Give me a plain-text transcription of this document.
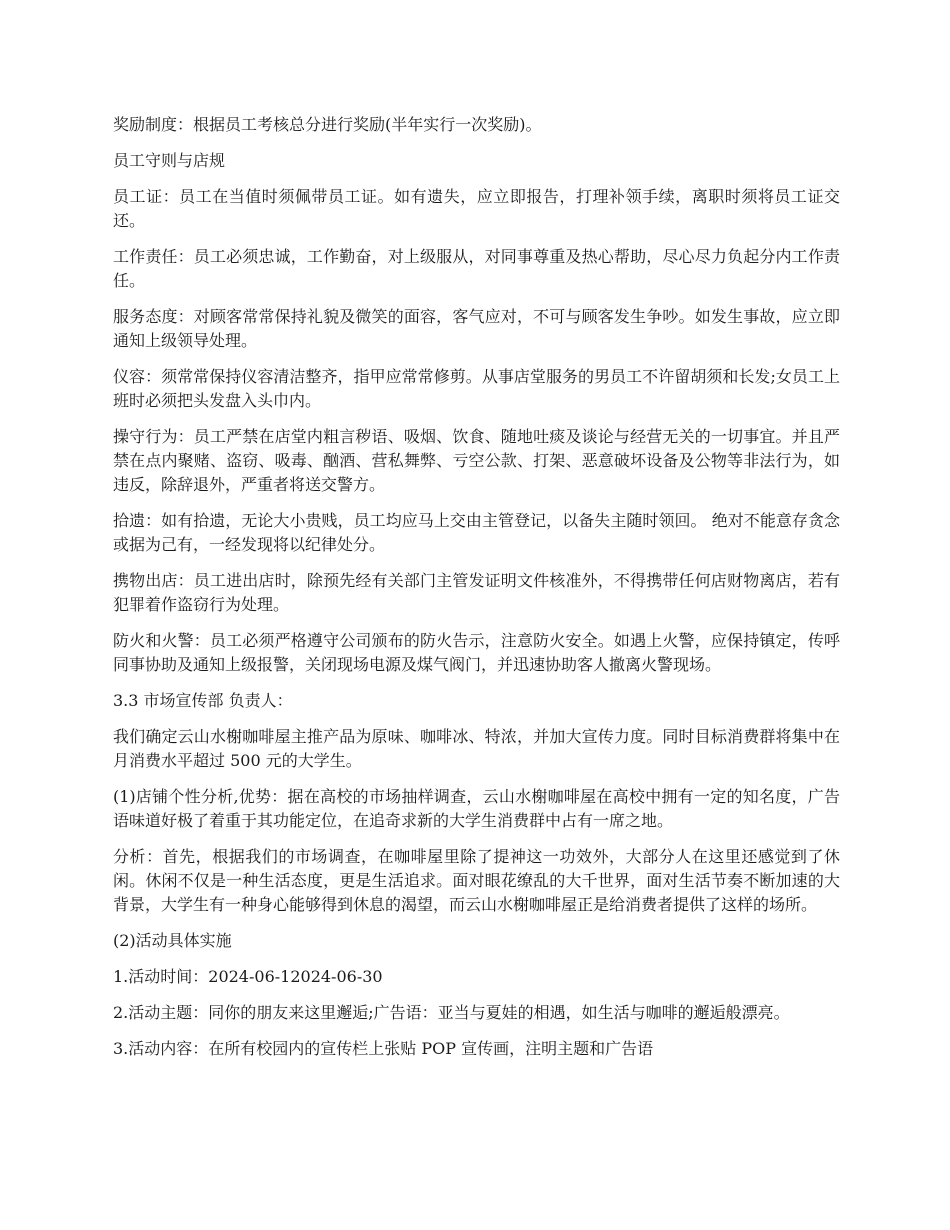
奖励制度：根据员工考核总分进行奖励(半年实行一次奖励)。

员工守则与店规

员工证：员工在当值时须佩带员工证。如有遗失，应立即报告，打理补领手续，离职时须将员工证交还。

工作责任：员工必须忠诚，工作勤奋，对上级服从，对同事尊重及热心帮助，尽心尽力负起分内工作责任。

服务态度：对顾客常常保持礼貌及微笑的面容，客气应对，不可与顾客发生争吵。如发生事故，应立即通知上级领导处理。

仪容：须常常保持仪容清洁整齐，指甲应常常修剪。从事店堂服务的男员工不许留胡须和长发;女员工上班时必须把头发盘入头巾内。

操守行为：员工严禁在店堂内粗言秽语、吸烟、饮食、随地吐痰及谈论与经营无关的一切事宜。并且严禁在点内聚赌、盗窃、吸毒、酗酒、营私舞弊、亏空公款、打架、恶意破坏设备及公物等非法行为，如违反，除辞退外，严重者将送交警方。

拾遗：如有拾遗，无论大小贵贱，员工均应马上交由主管登记，以备失主随时领回。 绝对不能意存贪念或据为己有，一经发现将以纪律处分。

携物出店：员工进出店时，除预先经有关部门主管发证明文件核准外，不得携带任何店财物离店，若有犯罪着作盗窃行为处理。

防火和火警：员工必须严格遵守公司颁布的防火告示，注意防火安全。如遇上火警，应保持镇定，传呼同事协助及通知上级报警，关闭现场电源及煤气阀门，并迅速协助客人撤离火警现场。

3.3 市场宣传部 负责人：

我们确定云山水榭咖啡屋主推产品为原味、咖啡冰、特浓，并加大宣传力度。同时目标消费群将集中在月消费水平超过 500 元的大学生。

(1)店铺个性分析,优势：据在高校的市场抽样调查，云山水榭咖啡屋在高校中拥有一定的知名度，广告语味道好极了着重于其功能定位，在追奇求新的大学生消费群中占有一席之地。

分析：首先，根据我们的市场调查，在咖啡屋里除了提神这一功效外，大部分人在这里还感觉到了休闲。休闲不仅是一种生活态度，更是生活追求。面对眼花缭乱的大千世界，面对生活节奏不断加速的大背景，大学生有一种身心能够得到休息的渴望，而云山水榭咖啡屋正是给消费者提供了这样的场所。

(2)活动具体实施

1.活动时间：2024-06-12024-06-30

2.活动主题：同你的朋友来这里邂逅;广告语：亚当与夏娃的相遇，如生活与咖啡的邂逅般漂亮。

3.活动内容：在所有校园内的宣传栏上张贴 POP 宣传画，注明主题和广告语
